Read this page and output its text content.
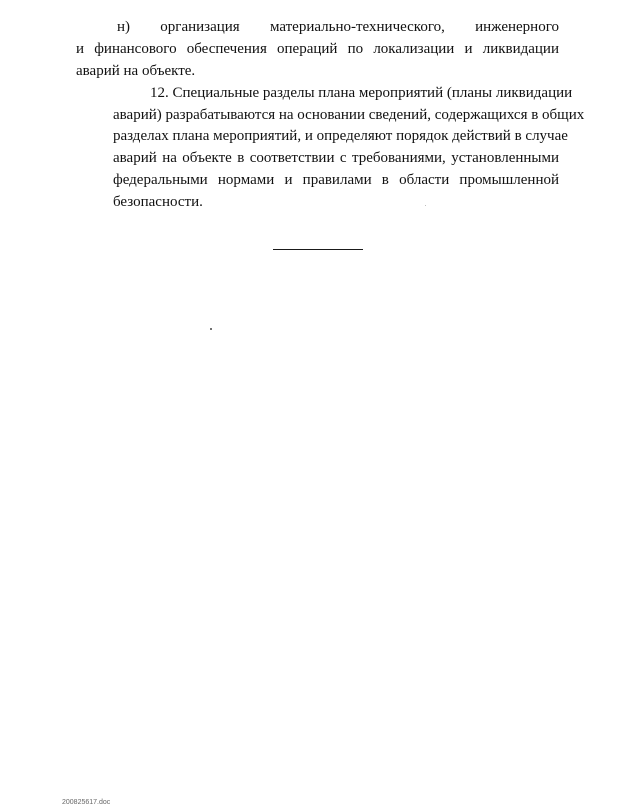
н) организация материально-технического, инженерного
и финансового обеспечения операций по локализации и ликвидации
аварий на объекте.

12. Специальные разделы плана мероприятий (планы ликвидации
аварий) разрабатываются на основании сведений, содержащихся в общих
разделах плана мероприятий, и определяют порядок действий в случае
аварий на объекте в соответствии с требованиями, установленными
федеральными нормами и правилами в области промышленной
безопасности.

200825617.doc
